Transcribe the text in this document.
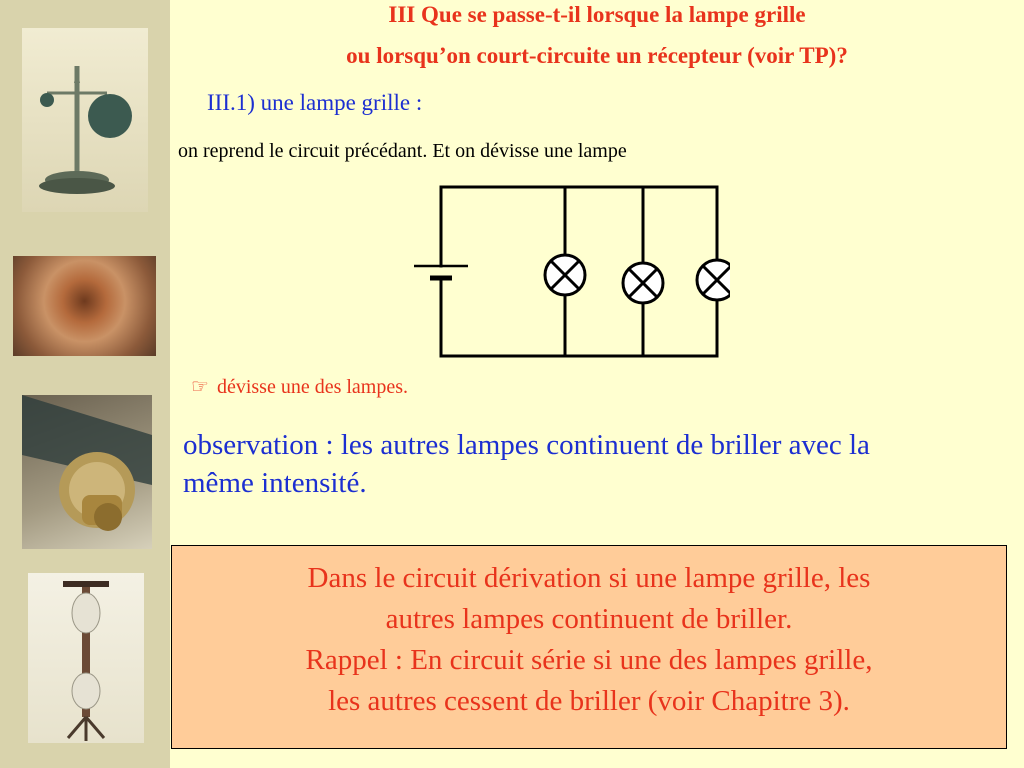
III Que se passe-t-il lorsque la lampe grille
ou lorsqu’on court-circuite un récepteur (voir TP)?
III.1) une lampe grille :
on reprend le circuit précédant. Et on dévisse une lampe
☞ dévisse une des lampes.
observation : les autres lampes continuent de briller avec la même intensité.
Dans le circuit dérivation si une lampe grille, les
autres lampes continuent de briller.
Rappel : En circuit série si une des lampes grille,
les autres cessent de briller (voir Chapitre 3).
